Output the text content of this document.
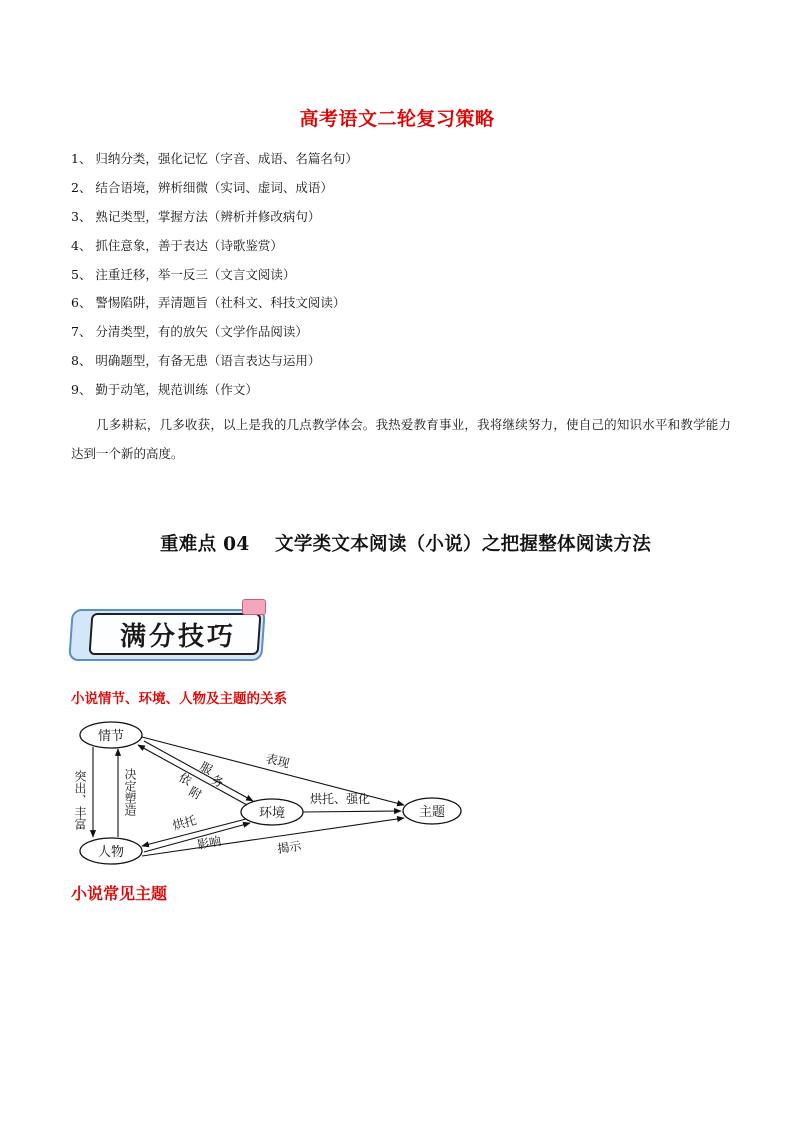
高考语文二轮复习策略
1、 归纳分类，强化记忆（字音、成语、名篇名句）
2、 结合语境，辨析细微（实词、虚词、成语）
3、 熟记类型，掌握方法（辨析并修改病句）
4、 抓住意象，善于表达（诗歌鉴赏）
5、 注重迁移，举一反三（文言文阅读）
6、 警惕陷阱，弄清题旨（社科文、科技文阅读）
7、 分清类型，有的放矢（文学作品阅读）
8、 明确题型，有备无患（语言表达与运用）
9、 勤于动笔，规范训练（作文）
几多耕耘，几多收获，以上是我的几点教学体会。我热爱教育事业，我将继续努力，使自己的知识水平和教学能力达到一个新的高度。
重难点 04　 文学类文本阅读（小说）之把握整体阅读方法
满分技巧
小说情节、环境、人物及主题的关系
情节
环境
人物
主题
表现
服
务
依
附
突出、丰富	决定塑造	烘托、强化
烘托
影响	揭示
小说常见主题
